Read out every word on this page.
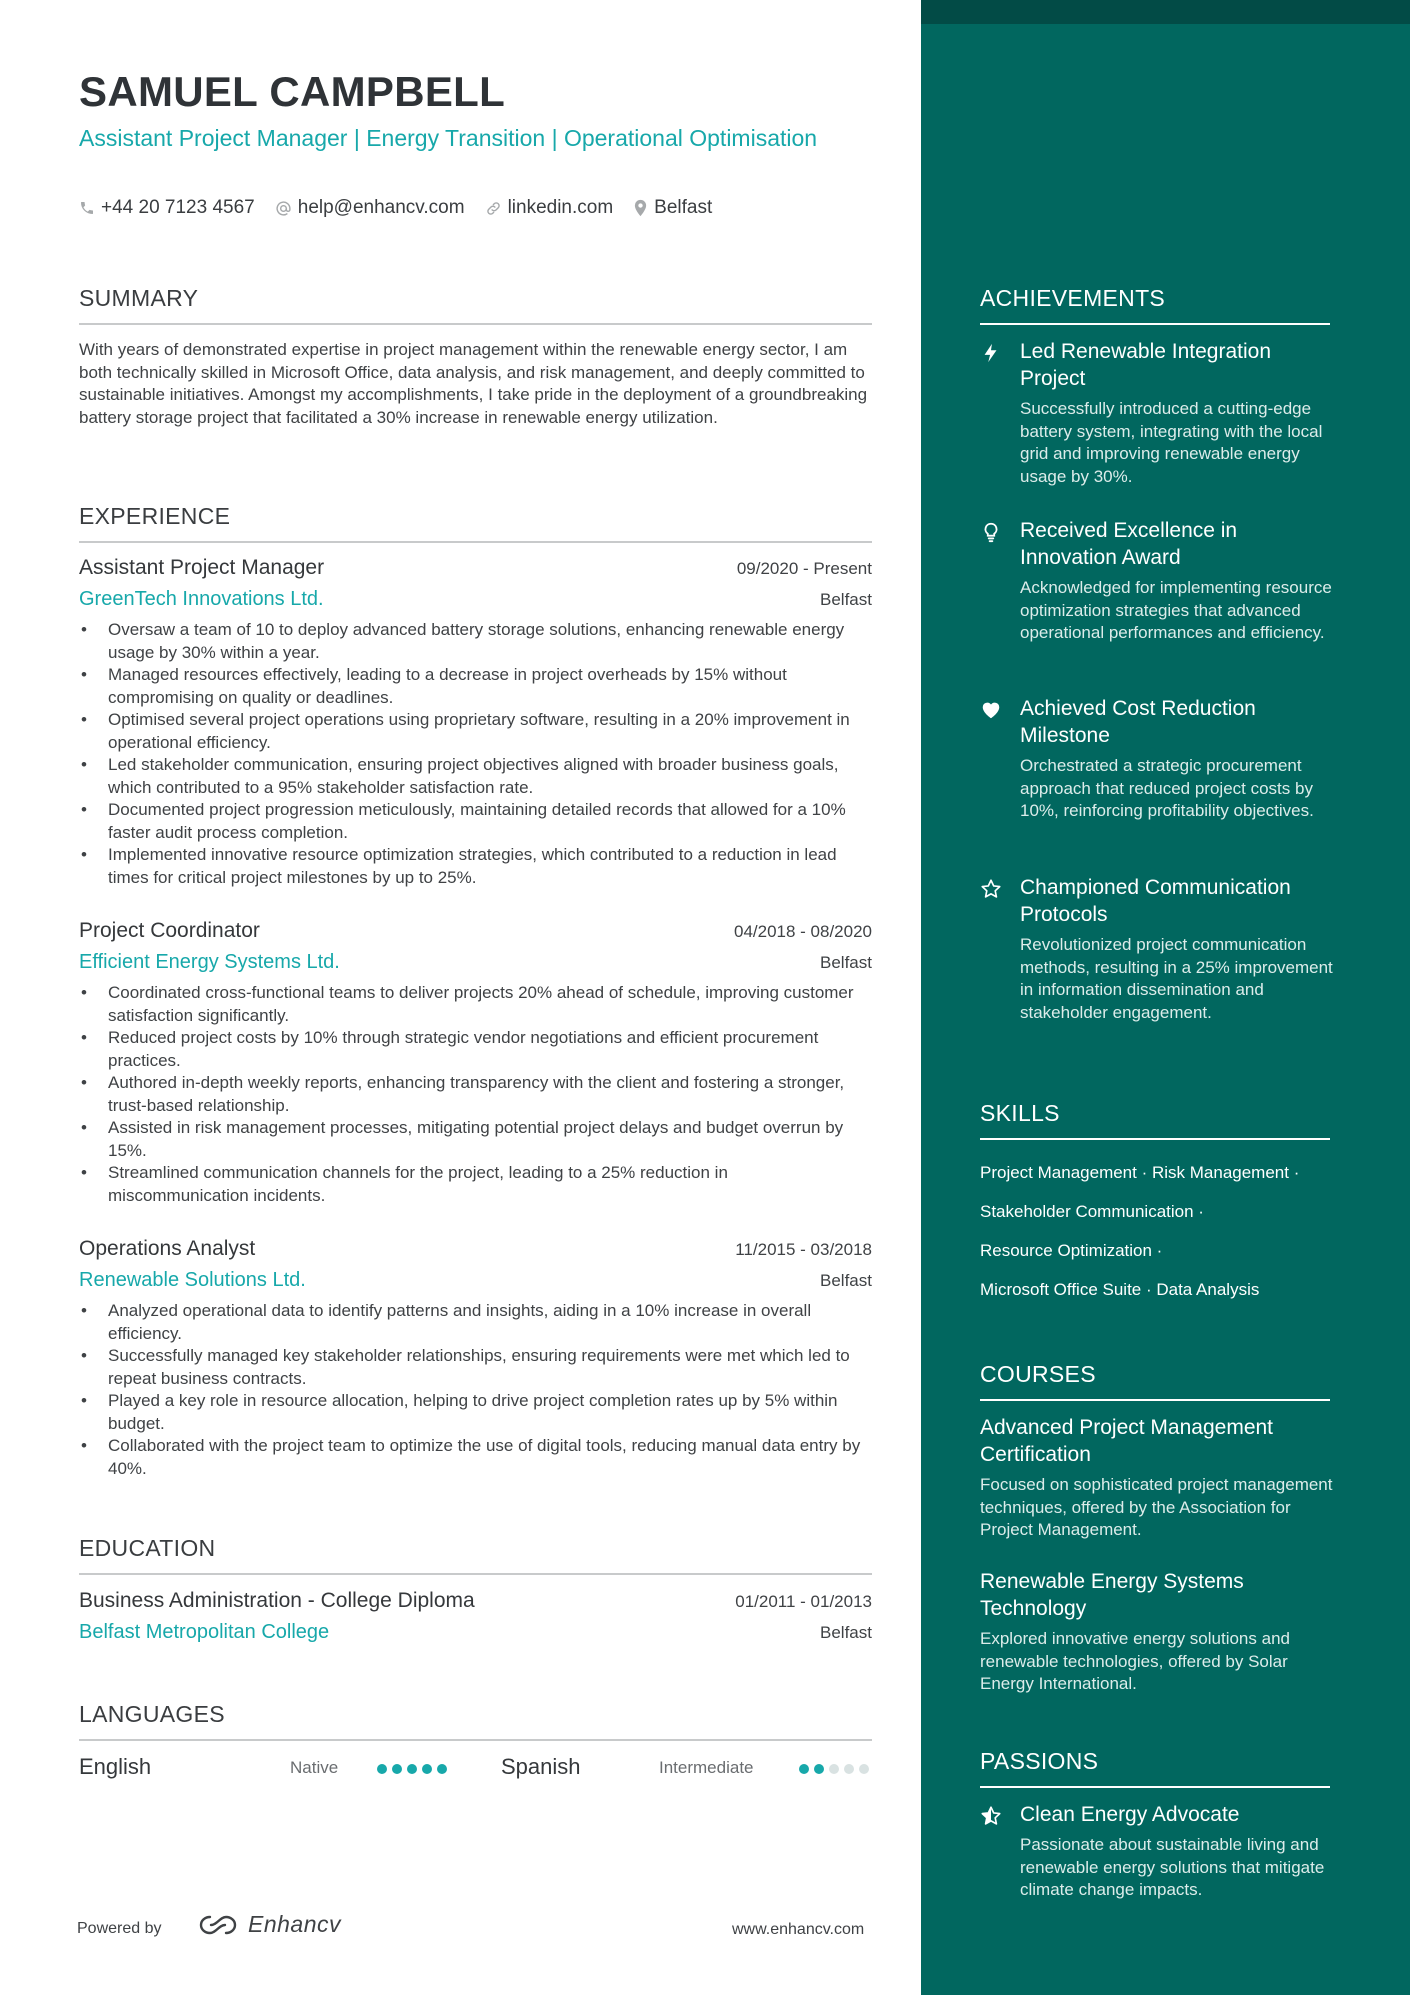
SAMUEL CAMPBELL
Assistant Project Manager | Energy Transition | Operational Optimisation
+44 20 7123 4567 help@enhancv.com linkedin.com Belfast
SUMMARY
With years of demonstrated expertise in project management within the renewable energy sector, I am both technically skilled in Microsoft Office, data analysis, and risk management, and deeply committed to sustainable initiatives. Amongst my accomplishments, I take pride in the deployment of a groundbreaking battery storage project that facilitated a 30% increase in renewable energy utilization.
EXPERIENCE
Assistant Project Manager	09/2020 - Present
GreenTech Innovations Ltd.	Belfast
• Oversaw a team of 10 to deploy advanced battery storage solutions, enhancing renewable energy usage by 30% within a year.
• Managed resources effectively, leading to a decrease in project overheads by 15% without compromising on quality or deadlines.
• Optimised several project operations using proprietary software, resulting in a 20% improvement in operational efficiency.
• Led stakeholder communication, ensuring project objectives aligned with broader business goals, which contributed to a 95% stakeholder satisfaction rate.
• Documented project progression meticulously, maintaining detailed records that allowed for a 10% faster audit process completion.
• Implemented innovative resource optimization strategies, which contributed to a reduction in lead times for critical project milestones by up to 25%.
Project Coordinator	04/2018 - 08/2020
Efficient Energy Systems Ltd.	Belfast
• Coordinated cross-functional teams to deliver projects 20% ahead of schedule, improving customer satisfaction significantly.
• Reduced project costs by 10% through strategic vendor negotiations and efficient procurement practices.
• Authored in-depth weekly reports, enhancing transparency with the client and fostering a stronger, trust-based relationship.
• Assisted in risk management processes, mitigating potential project delays and budget overrun by 15%.
• Streamlined communication channels for the project, leading to a 25% reduction in miscommunication incidents.
Operations Analyst	11/2015 - 03/2018
Renewable Solutions Ltd.	Belfast
• Analyzed operational data to identify patterns and insights, aiding in a 10% increase in overall efficiency.
• Successfully managed key stakeholder relationships, ensuring requirements were met which led to repeat business contracts.
• Played a key role in resource allocation, helping to drive project completion rates up by 5% within budget.
• Collaborated with the project team to optimize the use of digital tools, reducing manual data entry by 40%.
EDUCATION
Business Administration - College Diploma	01/2011 - 01/2013
Belfast Metropolitan College	Belfast
LANGUAGES
English	Native	Spanish	Intermediate
Powered by	Enhancv	www.enhancv.com
ACHIEVEMENTS
Led Renewable Integration Project
Successfully introduced a cutting-edge battery system, integrating with the local grid and improving renewable energy usage by 30%.
Received Excellence in Innovation Award
Acknowledged for implementing resource optimization strategies that advanced operational performances and efficiency.
Achieved Cost Reduction Milestone
Orchestrated a strategic procurement approach that reduced project costs by 10%, reinforcing profitability objectives.
Championed Communication Protocols
Revolutionized project communication methods, resulting in a 25% improvement in information dissemination and stakeholder engagement.
SKILLS
Project Management · Risk Management ·
Stakeholder Communication ·
Resource Optimization ·
Microsoft Office Suite · Data Analysis
COURSES
Advanced Project Management Certification
Focused on sophisticated project management techniques, offered by the Association for Project Management.
Renewable Energy Systems Technology
Explored innovative energy solutions and renewable technologies, offered by Solar Energy International.
PASSIONS
Clean Energy Advocate
Passionate about sustainable living and renewable energy solutions that mitigate climate change impacts.
